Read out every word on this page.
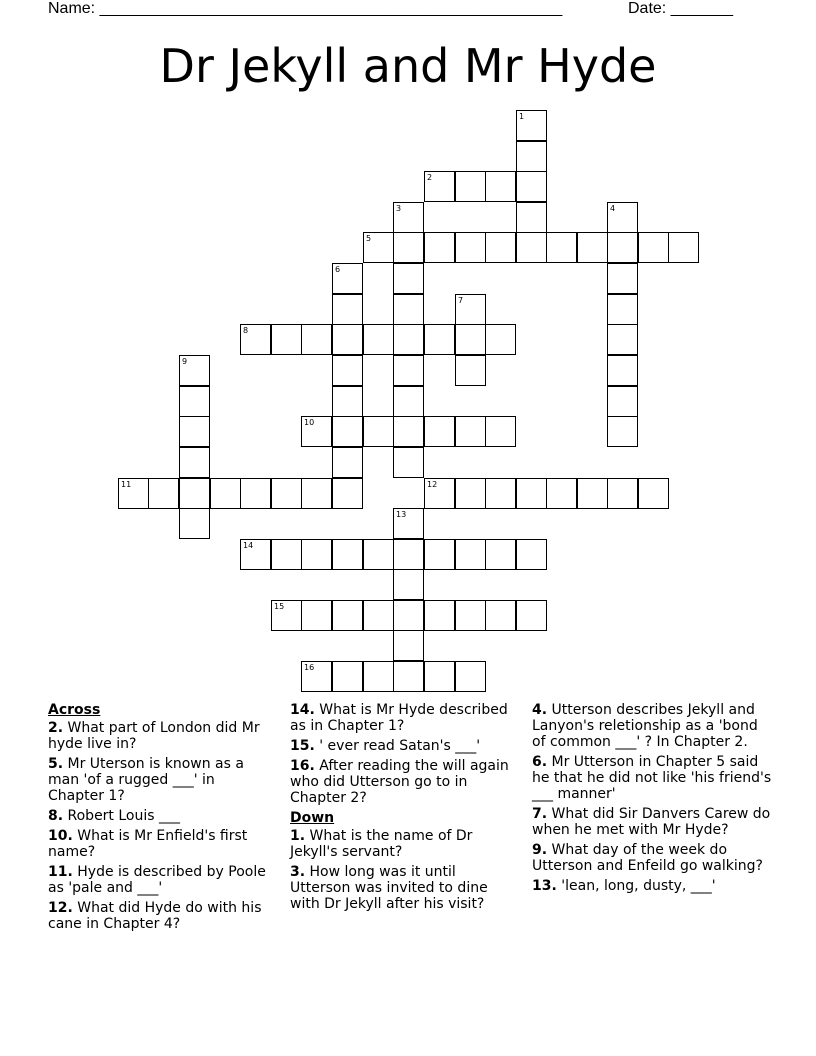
Name: ____________________________________________________	Date: _______
Dr Jekyll and Mr Hyde
1
2
3	4
5
6
7
8
9
10
11	12
13
14
15
16
Across
2. What part of London did Mr hyde live in?
5. Mr Uterson is known as a man 'of a rugged ___' in Chapter 1?
8. Robert Louis ___
10. What is Mr Enfield's first name?
11. Hyde is described by Poole as 'pale and ___'
12. What did Hyde do with his cane in Chapter 4?
14. What is Mr Hyde described as in Chapter 1?
15. ' ever read Satan's ___'
16. After reading the will again who did Utterson go to in Chapter 2?
Down
1. What is the name of Dr Jekyll's servant?
3. How long was it until Utterson was invited to dine with Dr Jekyll after his visit?
4. Utterson describes Jekyll and Lanyon's reletionship as a 'bond of common ___' ? In Chapter 2.
6. Mr Utterson in Chapter 5 said he that he did not like 'his friend's ___ manner'
7. What did Sir Danvers Carew do when he met with Mr Hyde?
9. What day of the week do Utterson and Enfeild go walking?
13. 'lean, long, dusty, ___'
